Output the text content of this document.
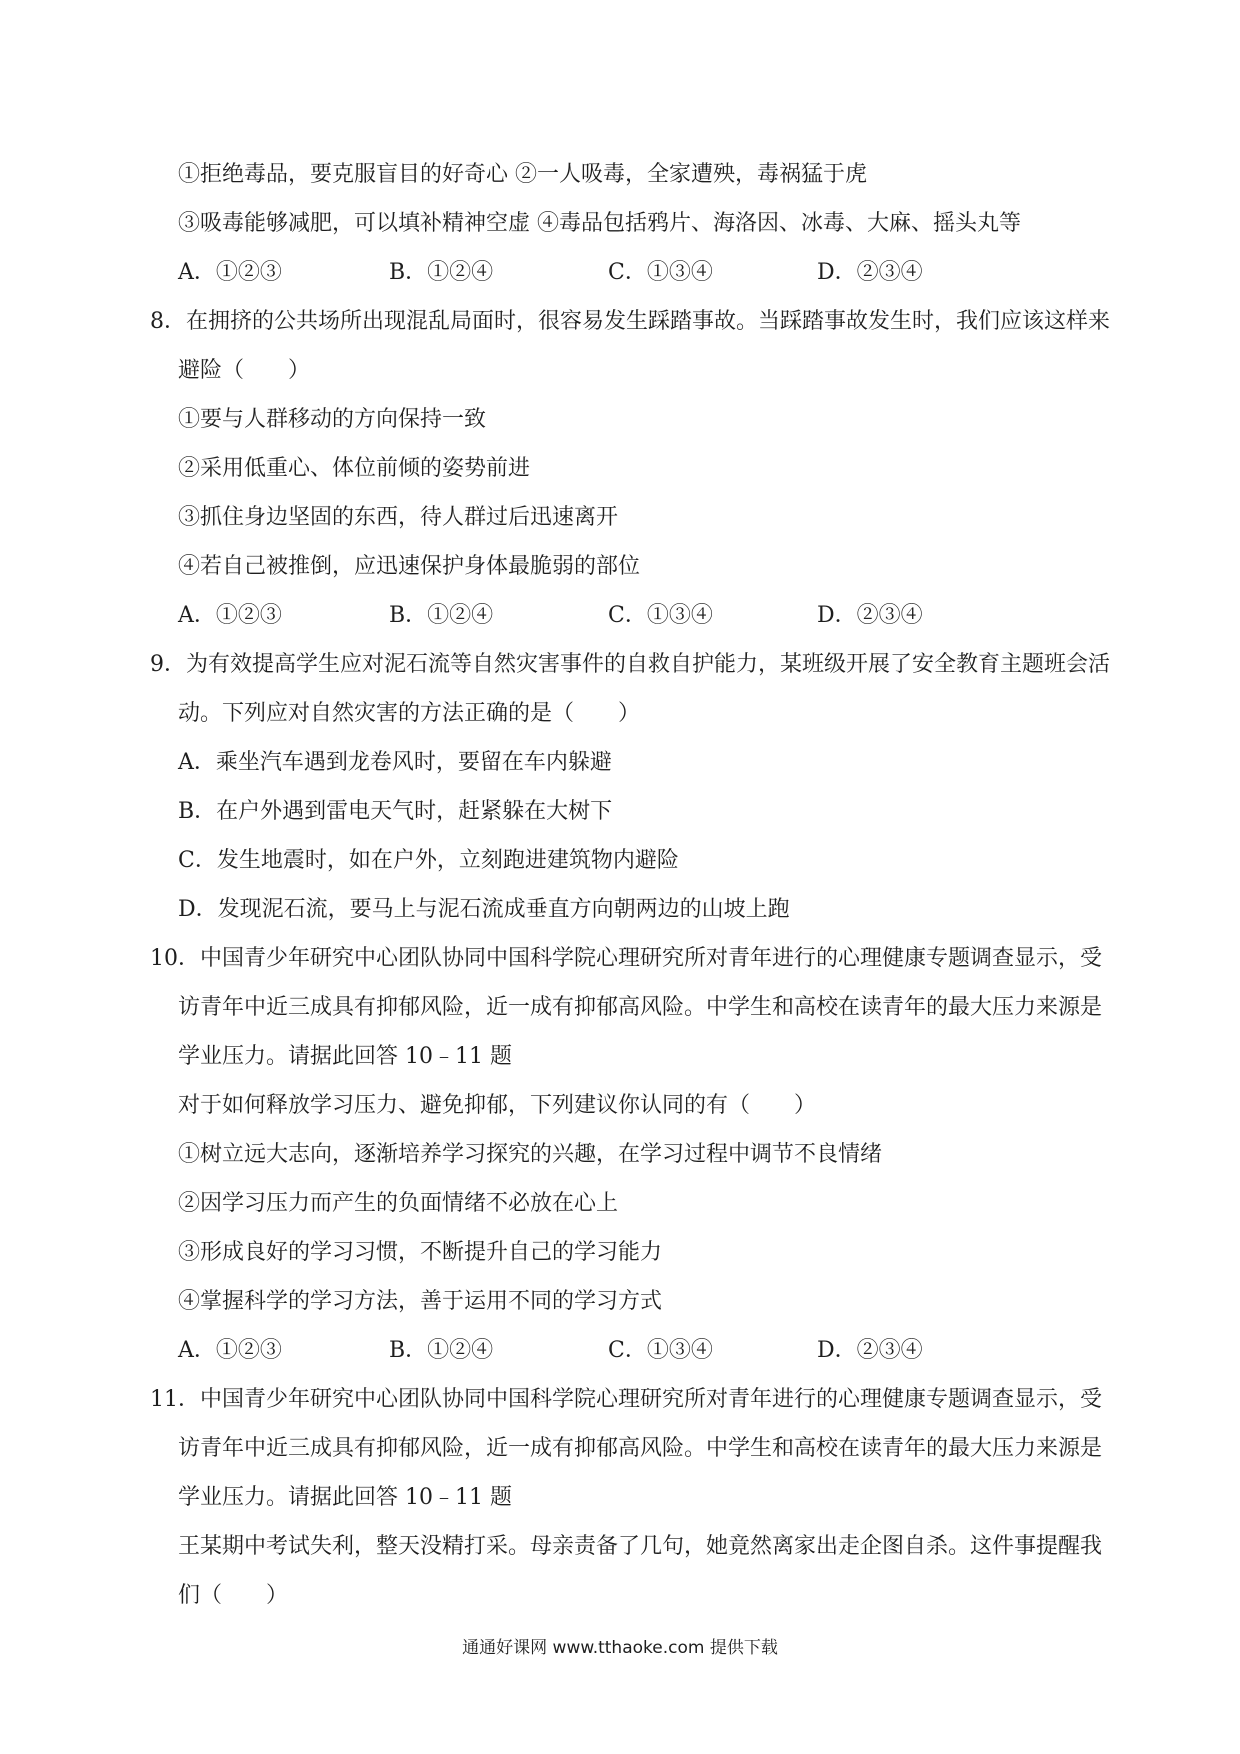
①拒绝毒品，要克服盲目的好奇心 ②一人吸毒，全家遭殃，毒祸猛于虎
③吸毒能够减肥，可以填补精神空虚 ④毒品包括鸦片、海洛因、冰毒、大麻、摇头丸等
A．①②③	B．①②④	C．①③④	D．②③④
8．在拥挤的公共场所出现混乱局面时，很容易发生踩踏事故。当踩踏事故发生时，我们应该这样来
避险（　　）
①要与人群移动的方向保持一致
②采用低重心、体位前倾的姿势前进
③抓住身边坚固的东西，待人群过后迅速离开
④若自己被推倒，应迅速保护身体最脆弱的部位
A．①②③	B．①②④	C．①③④	D．②③④
9．为有效提高学生应对泥石流等自然灾害事件的自救自护能力，某班级开展了安全教育主题班会活
动。下列应对自然灾害的方法正确的是（　　）
A．乘坐汽车遇到龙卷风时，要留在车内躲避
B．在户外遇到雷电天气时，赶紧躲在大树下
C．发生地震时，如在户外，立刻跑进建筑物内避险
D．发现泥石流，要马上与泥石流成垂直方向朝两边的山坡上跑
10．中国青少年研究中心团队协同中国科学院心理研究所对青年进行的心理健康专题调查显示，受
访青年中近三成具有抑郁风险，近一成有抑郁高风险。中学生和高校在读青年的最大压力来源是
学业压力。请据此回答 10﹣11 题
对于如何释放学习压力、避免抑郁，下列建议你认同的有（　　）
①树立远大志向，逐渐培养学习探究的兴趣，在学习过程中调节不良情绪
②因学习压力而产生的负面情绪不必放在心上
③形成良好的学习习惯，不断提升自己的学习能力
④掌握科学的学习方法，善于运用不同的学习方式
A．①②③	B．①②④	C．①③④	D．②③④
11．中国青少年研究中心团队协同中国科学院心理研究所对青年进行的心理健康专题调查显示，受
访青年中近三成具有抑郁风险，近一成有抑郁高风险。中学生和高校在读青年的最大压力来源是
学业压力。请据此回答 10﹣11 题
王某期中考试失利，整天没精打采。母亲责备了几句，她竟然离家出走企图自杀。这件事提醒我
们（　　）
通通好课网 www.tthaoke.com 提供下载
